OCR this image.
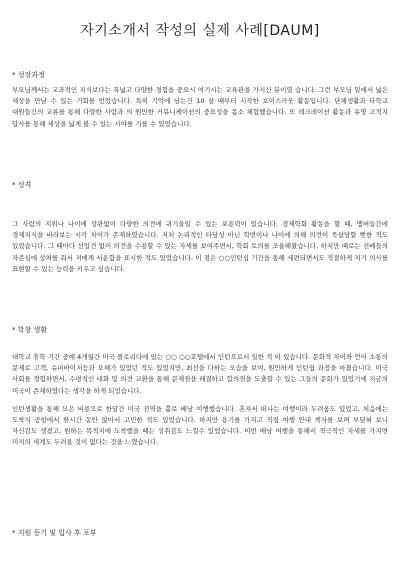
자기소개서 작성의 실제 사례[DAUM]
* 성장과정

부모님께서는 교과적인 지식보다는 폭넓고 다양한 경험을 중요시 여기시는 교육관을 가지신 분이였 습니다. 그런 부모님 밑에서 넓은 세상을 만날 수 있는 기회를 얻었습니다. 특히 기억에 남는건 10 살 때부터 시작한 보이스카웃 활동입니다. 단체생활과 타학교 대원들간의 교류를 통해 다양한 사람과 의 원만한 커뮤니케이션의 중요성을 몸소 체험했습니다. 또 레크레이션 활동과 유명 고적지 답사를 통해 세상을 넓게 볼 수 있는 시야를 기를 수 있었습니다.

* 성격

그 사람의 지위나 나이에 상관없이 다양한 의견에 귀기울일 수 있는 포용력이 있습니다. 경제학회 활동을 할 때, 멤버들간에 경제지식을 바라보는 시각 차이가 존재하였습니다. 저처 논리적인 타당성 아닌 학번이나 나이에 의해 의견이 묵살당할 뻔한 적도 있었습니다. 그 때마다 선입견 없이 의견을 수용할 수 있는 자세를 보여주면서, 학회 토의를 조율해왔습니다. 하지만 때로는 선배들의 자존심에 상처를 줘서 저에게 서운함을 표시한 적도 있었습니다. 이 점은 ○○인턴십 기간을 통해 세련되면서도 적절하게 저기 의사를 표현할 수 있는 능력을 키우고 싶습니다.

* 학창 생활

대학교 휴학 기간 중에 4개월간 미국 플로리다에 있는 ○○ ○○호텔에서 인턴으로서 일한 적 이 있습니다. 문화적 차이와 언어 소통의 문제로 고객, 슈퍼바이저등과 오해가 있었던 적도 있었지만, 최선을 다하는 모습을 보여, 원만하게 인턴쉽 과정을 마쳤습니다. 미국 사회를 경험하면서, 수평적인 대화 및 의견 교환을 통해 문제점을 해결하고 합의점을 도출할 수 있는 그들의 문화가 있었기에 지금의 미국이 존재하였다는 생각을 하게 되었습니다.

인턴생활을 통해 모은 비용으로 한달간 미국 전역을 홀로 배낭 여행했습니다. 혼자서 떠나는 여행이라 두려움도 있었고, 처음에는 도착지 공항에서 한시간 동안 앉아서 고민한 적도 있었습니다. 하지만 용기를 가지고 직접 여행 안내 책자를 보며 부딪혀 보니 자신감도 생겼고, 원하는 목적지에 도착했을 때는 성취감도 느낄수 있었습니다. 이번 배낭 여행을 통해서 적극적인 자세를 가지면 미지의 세계도 두려울 것이 없다는 것을 느꼈습니다.

* 지원 동기 및 입사 후 포부
